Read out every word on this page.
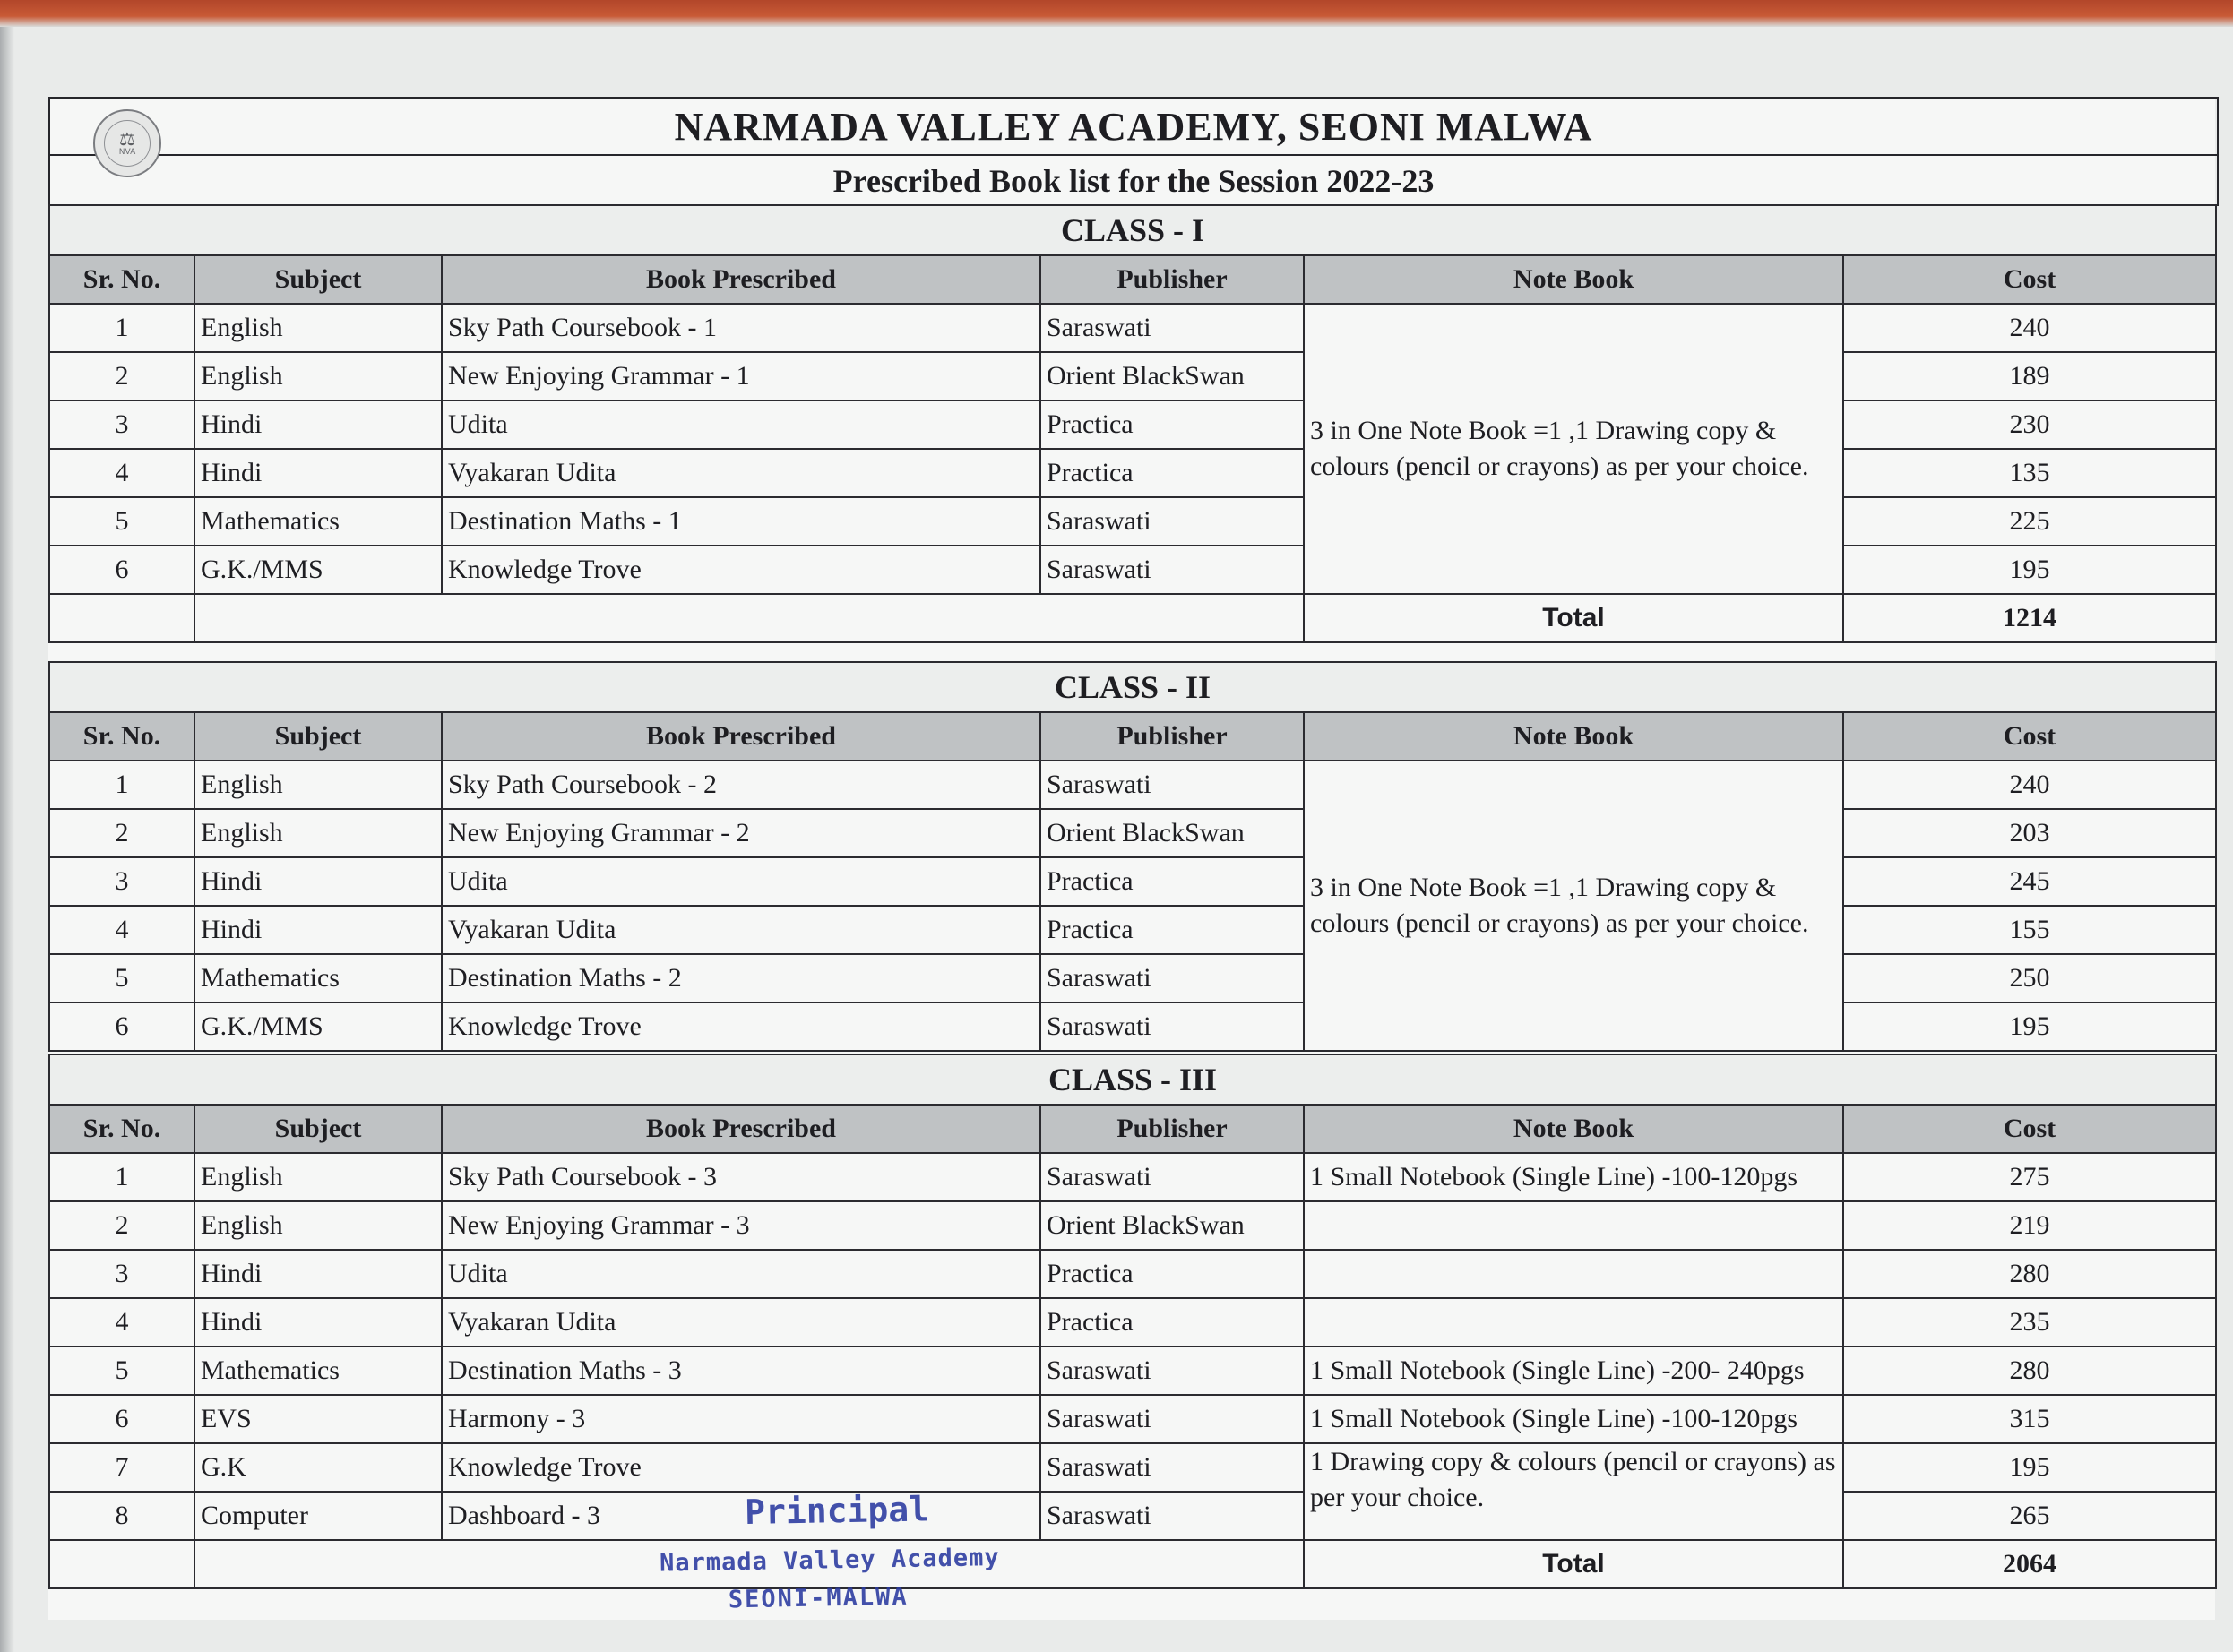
NARMADA VALLEY ACADEMY, SEONI MALWA
Prescribed Book list for the Session 2022-23
⚖
NVA
CLASS - I					
Sr. No.	Subject	Book Prescribed	Publisher	Note Book	Cost
1	English	Sky Path Coursebook - 1	Saraswati	3 in One Note Book =1 ,1 Drawing copy & colours (pencil or crayons) as per your choice.	240
2	English	New Enjoying Grammar - 1	Orient BlackSwan		189
3	Hindi	Udita	Practica		230
4	Hindi	Vyakaran Udita	Practica		135
5	Mathematics	Destination Maths - 1	Saraswati		225
6	G.K./MMS	Knowledge Trove	Saraswati		195
				Total	1214
CLASS - II					
Sr. No.	Subject	Book Prescribed	Publisher	Note Book	Cost
1	English	Sky Path Coursebook - 2	Saraswati	3 in One Note Book =1 ,1 Drawing copy & colours (pencil or crayons) as per your choice.	240
2	English	New Enjoying Grammar - 2	Orient BlackSwan		203
3	Hindi	Udita	Practica		245
4	Hindi	Vyakaran Udita	Practica		155
5	Mathematics	Destination Maths - 2	Saraswati		250
6	G.K./MMS	Knowledge Trove	Saraswati		195
CLASS - III					
Sr. No.	Subject	Book Prescribed	Publisher	Note Book	Cost
1	English	Sky Path Coursebook - 3	Saraswati	1 Small Notebook (Single Line) -100-120pgs	275
2	English	New Enjoying Grammar - 3	Orient BlackSwan		219
3	Hindi	Udita	Practica		280
4	Hindi	Vyakaran Udita	Practica		235
5	Mathematics	Destination Maths - 3	Saraswati	1 Small Notebook (Single Line) -200- 240pgs	280
6	EVS	Harmony - 3	Saraswati	1 Small Notebook (Single Line) -100-120pgs	315
7	G.K	Knowledge Trove	Saraswati	1 Drawing copy & colours (pencil or crayons) as per your choice.	195
8	Computer	Dashboard - 3	Saraswati		265
				Total	2064
Principal
Narmada Valley Academy
SEONI-MALWA
